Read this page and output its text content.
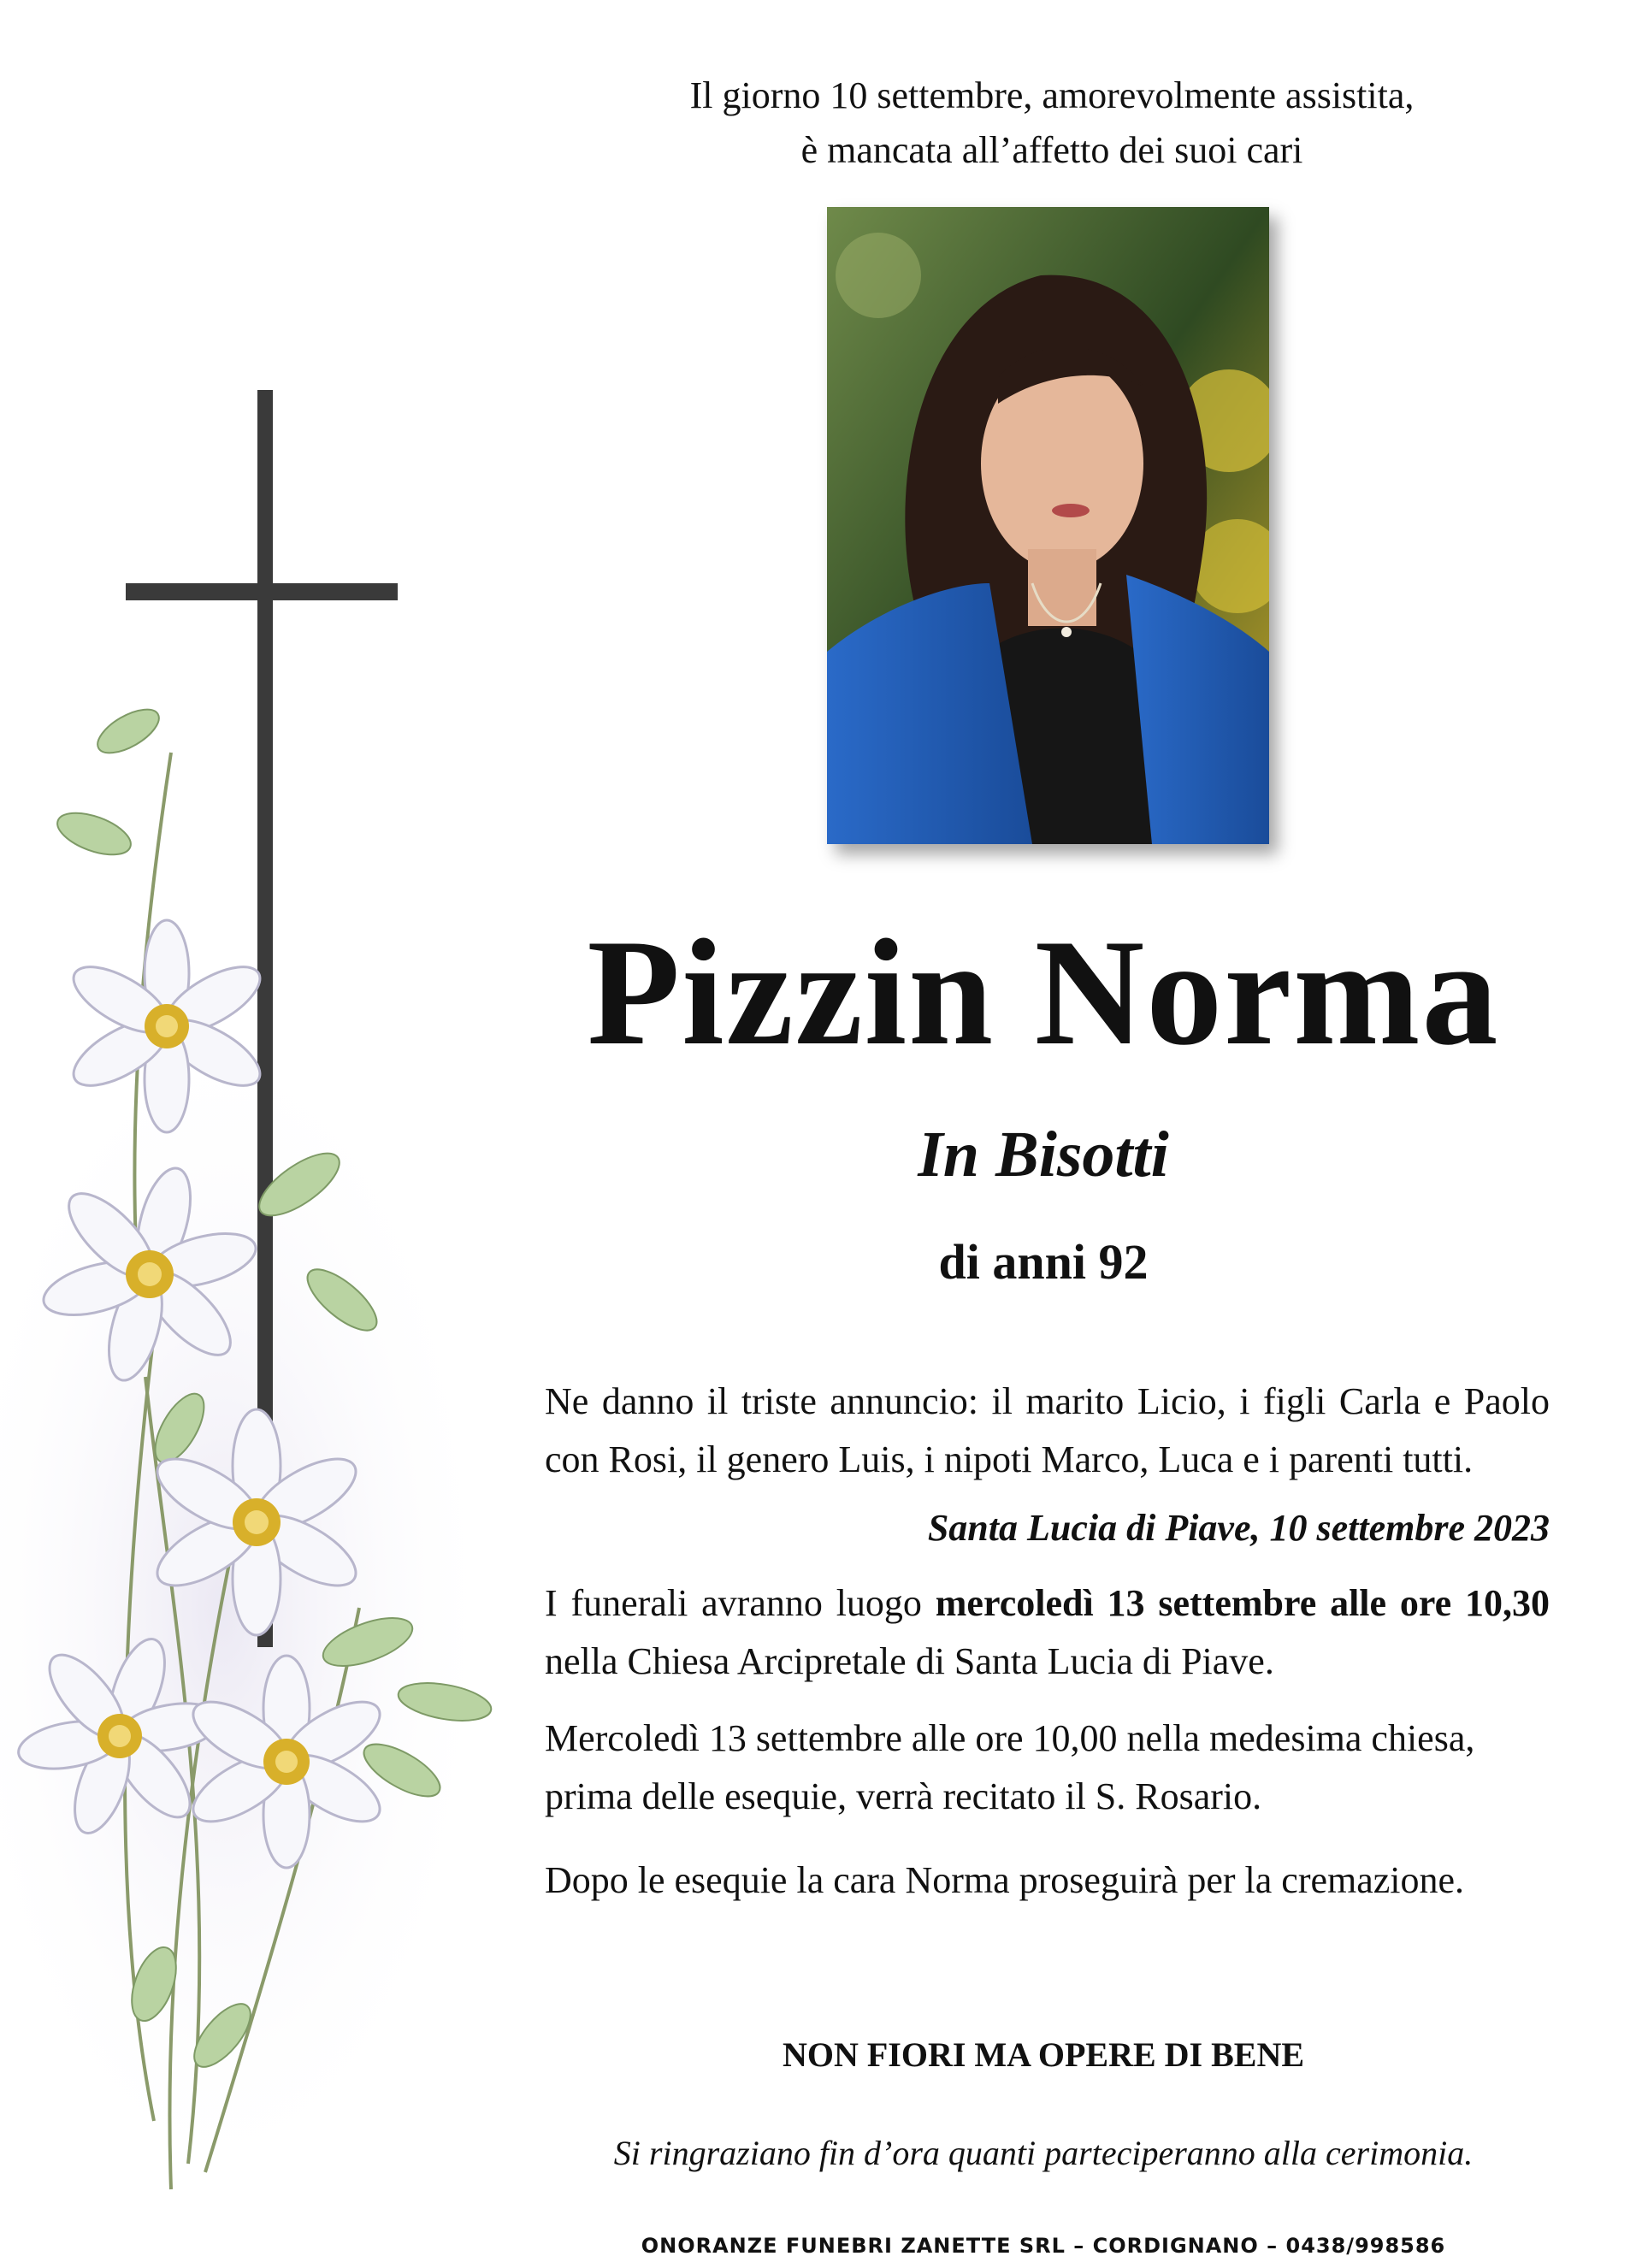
Il giorno 10 settembre, amorevolmente assistita,
è mancata all’affetto dei suoi cari
Pizzin Norma
In Bisotti
di anni 92

Ne danno il triste annuncio: il marito Licio, i figli Carla e Paolo con Rosi, il genero Luis, i nipoti Marco, Luca e i parenti tutti.

Santa Lucia di Piave, 10 settembre 2023

I funerali avranno luogo mercoledì 13 settembre alle ore 10,30 nella Chiesa Arcipretale di Santa Lucia di Piave.

Mercoledì 13 settembre alle ore 10,00 nella medesima chiesa, prima delle esequie, verrà recitato il S. Rosario.

Dopo le esequie la cara Norma proseguirà per la cremazione.

NON FIORI MA OPERE DI BENE
Si ringraziano fin d’ora quanti parteciperanno alla cerimonia.
ONORANZE FUNEBRI ZANETTE SRL – CORDIGNANO – 0438/998586
